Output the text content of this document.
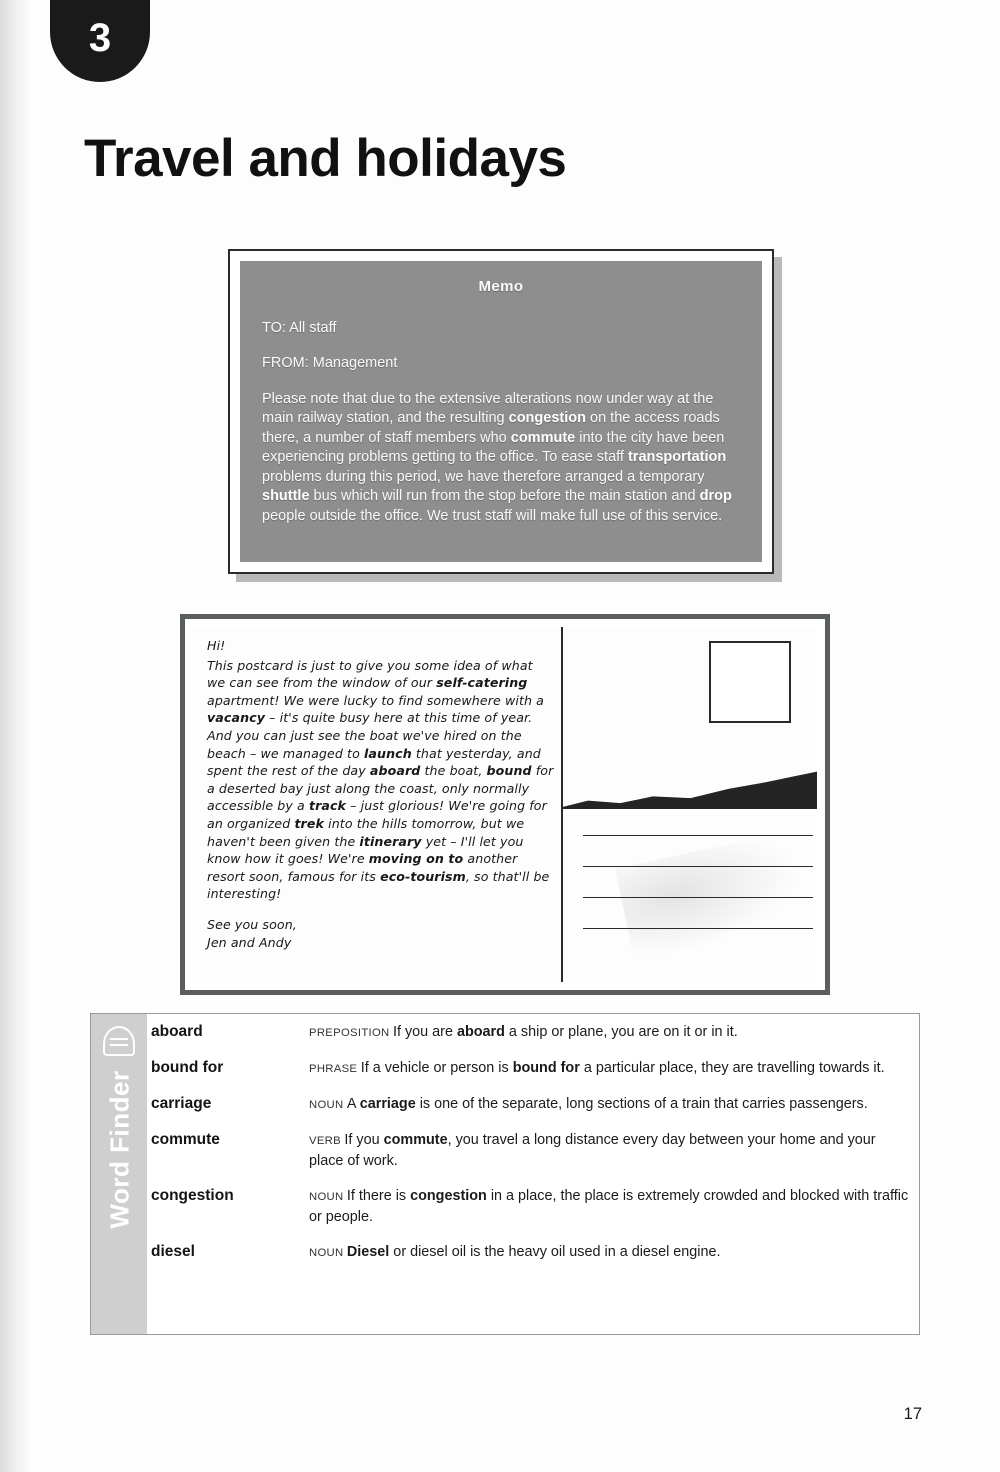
3
Travel and holidays
Memo
TO: All staff
FROM: Management

Please note that due to the extensive alterations now under way at the main railway station, and the resulting congestion on the access roads there, a number of staff members who commute into the city have been experiencing problems getting to the office. To ease staff transportation problems during this period, we have therefore arranged a temporary shuttle bus which will run from the stop before the main station and drop people outside the office. We trust staff will make full use of this service.

Hi!
This postcard is just to give you some idea of what we can see from the window of our self-catering apartment! We were lucky to find somewhere with a vacancy – it's quite busy here at this time of year. And you can just see the boat we've hired on the beach – we managed to launch that yesterday, and spent the rest of the day aboard the boat, bound for a deserted bay just along the coast, only normally accessible by a track – just glorious! We're going for an organized trek into the hills tomorrow, but we haven't been given the itinerary yet – I'll let you know how it goes! We're moving on to another resort soon, famous for its eco-tourism, so that'll be interesting!
See you soon,
Jen and Andy
Word Finder
aboard	PREPOSITION If you are aboard a ship or plane, you are on it or in it.
bound for	PHRASE If a vehicle or person is bound for a particular place, they are travelling towards it.
carriage	NOUN A carriage is one of the separate, long sections of a train that carries passengers.
commute	VERB If you commute, you travel a long distance every day between your home and your place of work.
congestion	NOUN If there is congestion in a place, the place is extremely crowded and blocked with traffic or people.
diesel	NOUN Diesel or diesel oil is the heavy oil used in a diesel engine.
17
